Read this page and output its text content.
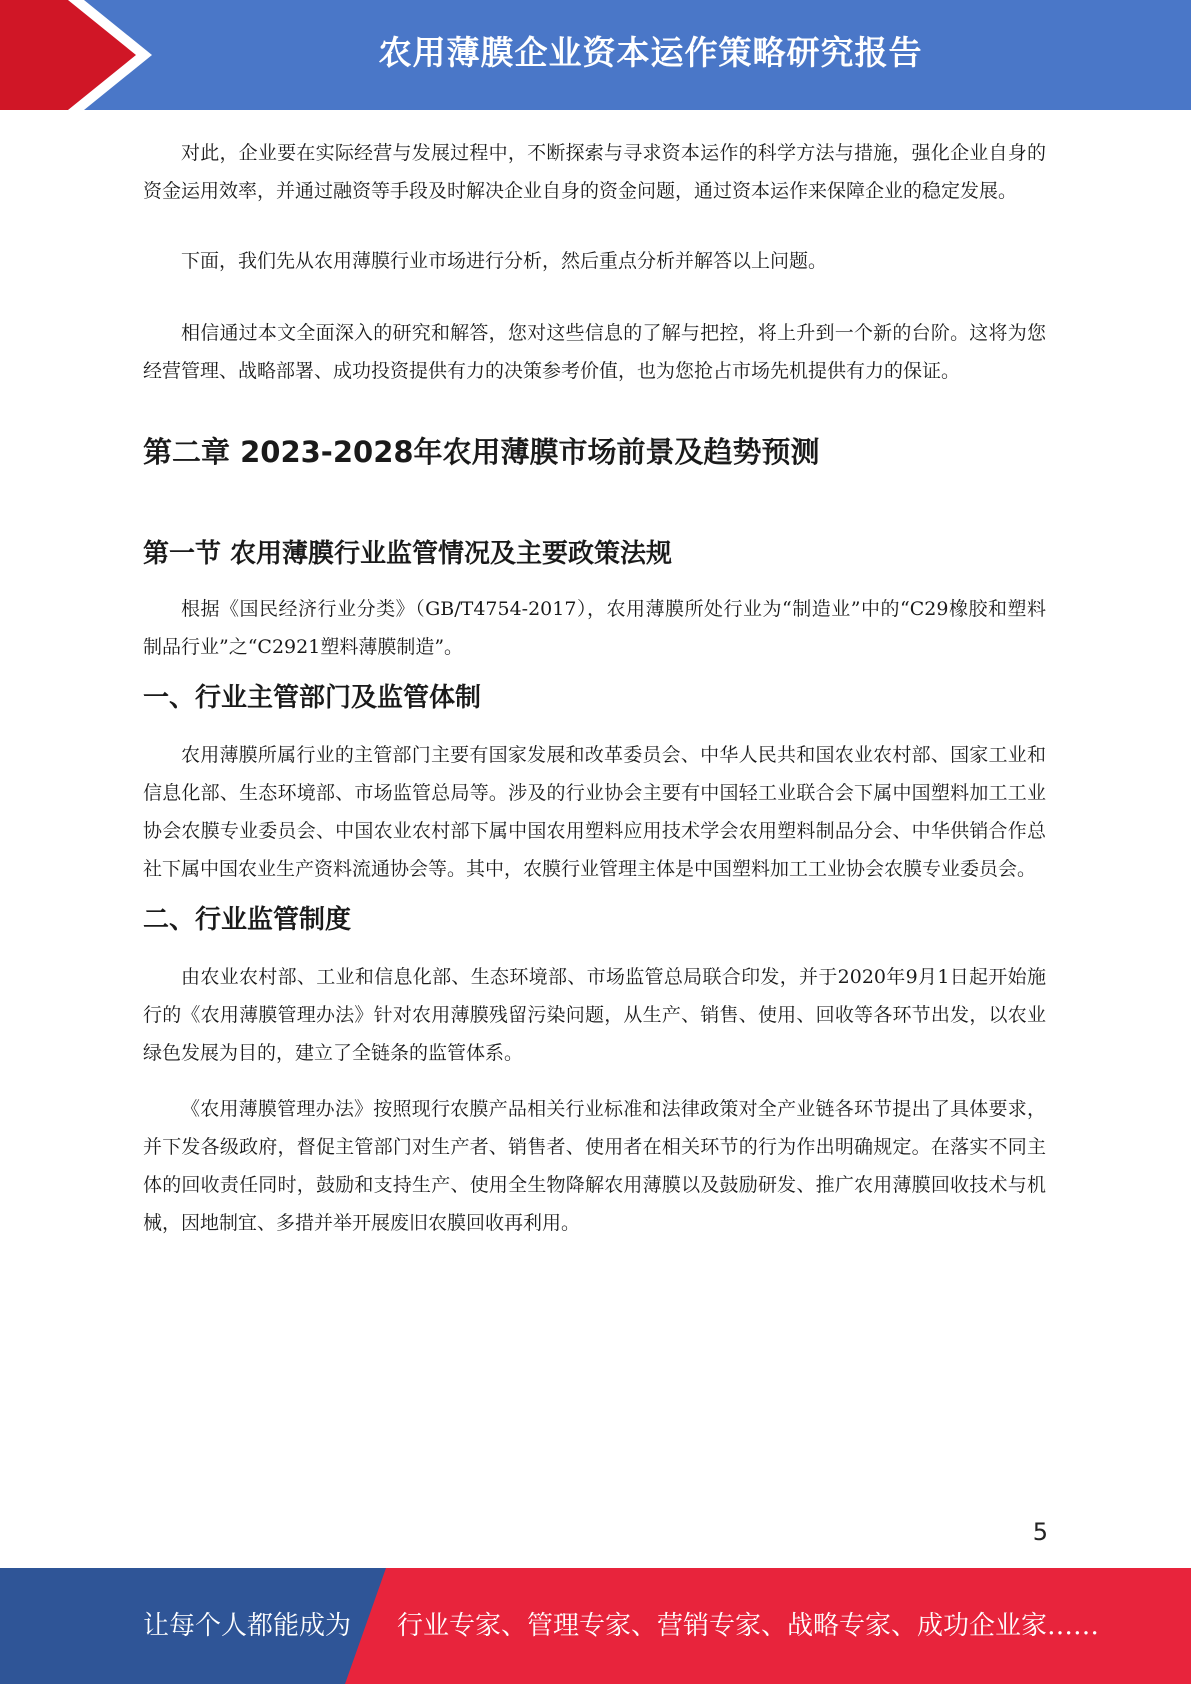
农用薄膜企业资本运作策略研究报告

对此，企业要在实际经营与发展过程中，不断探索与寻求资本运作的科学方法与措施，强化企业自身的资金运用效率，并通过融资等手段及时解决企业自身的资金问题，通过资本运作来保障企业的稳定发展。

下面，我们先从农用薄膜行业市场进行分析，然后重点分析并解答以上问题。

相信通过本文全面深入的研究和解答，您对这些信息的了解与把控，将上升到一个新的台阶。这将为您经营管理、战略部署、成功投资提供有力的决策参考价值，也为您抢占市场先机提供有力的保证。

第二章 2023-2028年农用薄膜市场前景及趋势预测
第一节 农用薄膜行业监管情况及主要政策法规

根据《国民经济行业分类》（GB/T4754-2017），农用薄膜所处行业为“制造业”中的“C29橡胶和塑料制品行业”之“C2921塑料薄膜制造”。

一、行业主管部门及监管体制

农用薄膜所属行业的主管部门主要有国家发展和改革委员会、中华人民共和国农业农村部、国家工业和信息化部、生态环境部、市场监管总局等。涉及的行业协会主要有中国轻工业联合会下属中国塑料加工工业协会农膜专业委员会、中国农业农村部下属中国农用塑料应用技术学会农用塑料制品分会、中华供销合作总社下属中国农业生产资料流通协会等。其中，农膜行业管理主体是中国塑料加工工业协会农膜专业委员会。

二、行业监管制度

由农业农村部、工业和信息化部、生态环境部、市场监管总局联合印发，并于2020年9月1日起开始施行的《农用薄膜管理办法》针对农用薄膜残留污染问题，从生产、销售、使用、回收等各环节出发，以农业绿色发展为目的，建立了全链条的监管体系。

《农用薄膜管理办法》按照现行农膜产品相关行业标准和法律政策对全产业链各环节提出了具体要求，并下发各级政府，督促主管部门对生产者、销售者、使用者在相关环节的行为作出明确规定。在落实不同主体的回收责任同时，鼓励和支持生产、使用全生物降解农用薄膜以及鼓励研发、推广农用薄膜回收技术与机械，因地制宜、多措并举开展废旧农膜回收再利用。

5
让每个人都能成为 行业专家、管理专家、营销专家、战略专家、成功企业家……
